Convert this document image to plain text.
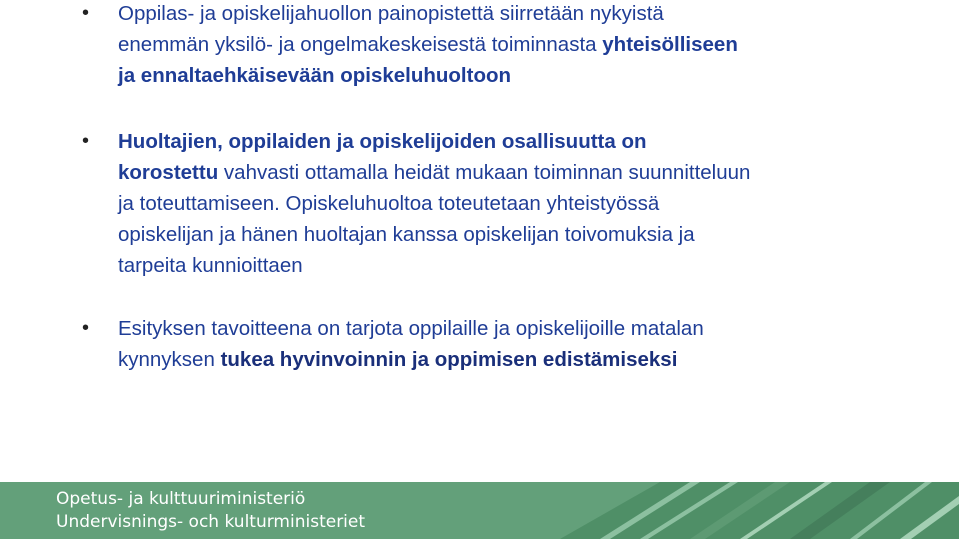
•	Oppilas- ja opiskelijahuollon painopistettä siirretään nykyistä
enemmän yksilö- ja ongelmakeskeisestä toiminnasta yhteisölliseen
ja ennaltaehkäisevään opiskeluhuoltoon
•	Huoltajien, oppilaiden ja opiskelijoiden osallisuutta on
korostettu vahvasti ottamalla heidät mukaan toiminnan suunnitteluun
ja toteuttamiseen. Opiskeluhuoltoa toteutetaan yhteistyössä
opiskelijan ja hänen huoltajan kanssa opiskelijan toivomuksia ja
tarpeita kunnioittaen
•	Esityksen tavoitteena on tarjota oppilaille ja opiskelijoille matalan
kynnyksen tukea hyvinvoinnin ja oppimisen edistämiseksi
Opetus- ja kulttuuriministeriö
Undervisnings- och kulturministeriet
